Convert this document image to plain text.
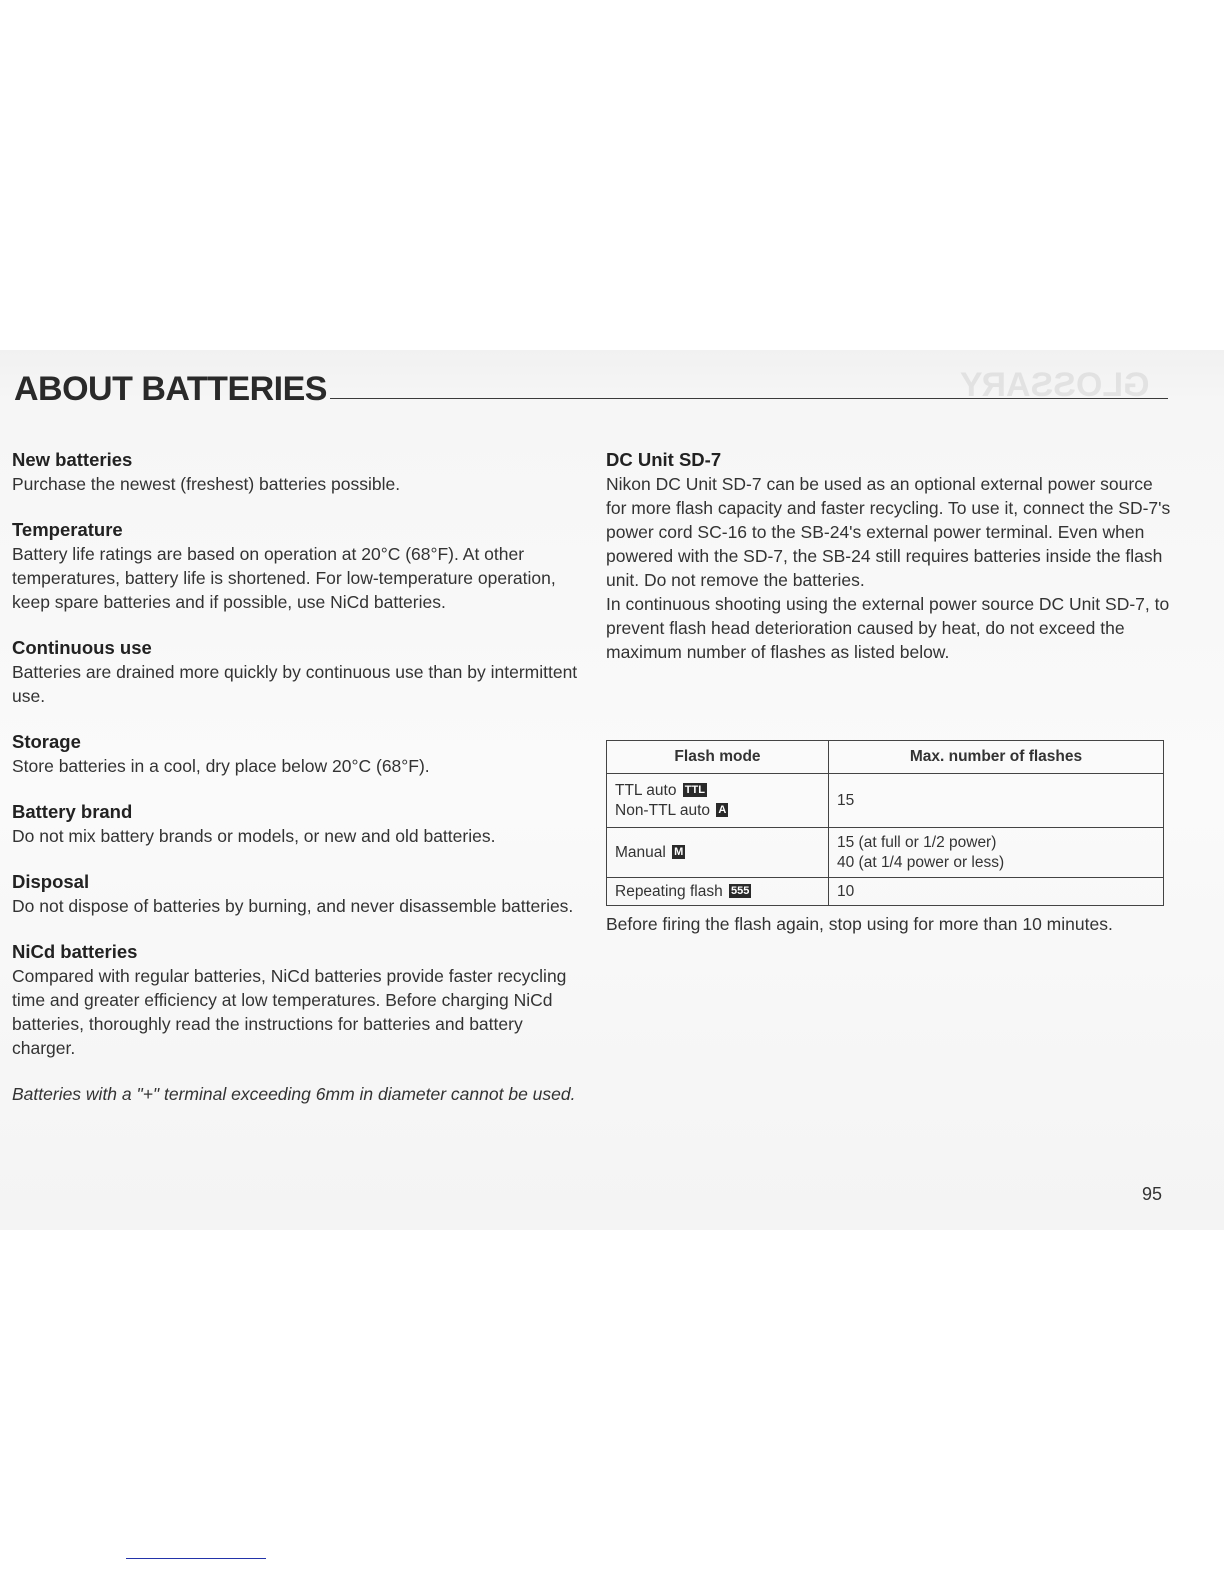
GLOSSARY
ABOUT BATTERIES
New batteries

Purchase the newest (freshest) batteries possible.

Temperature

Battery life ratings are based on operation at 20°C (68°F). At other temperatures, battery life is shortened. For low-temperature operation, keep spare batteries and if possible, use NiCd batteries.

Continuous use

Batteries are drained more quickly by continuous use than by intermittent use.

Storage

Store batteries in a cool, dry place below 20°C (68°F).

Battery brand

Do not mix battery brands or models, or new and old batteries.

Disposal

Do not dispose of batteries by burning, and never disassemble batteries.

NiCd batteries

Compared with regular batteries, NiCd batteries provide faster recycling time and greater efficiency at low temperatures. Before charging NiCd batteries, thoroughly read the instructions for batteries and battery charger.

Batteries with a "+" terminal exceeding 6mm in diameter cannot be used.
DC Unit SD-7

Nikon DC Unit SD-7 can be used as an optional external power source for more flash capacity and faster recycling. To use it, connect the SD-7's power cord SC-16 to the SB-24's external power terminal. Even when powered with the SD-7, the SB-24 still requires batteries inside the flash unit. Do not remove the batteries.

In continuous shooting using the external power source DC Unit SD-7, to prevent flash head deterioration caused by heat, do not exceed the maximum number of flashes as listed below.

Flash mode	Max. number of flashes

TTL auto TTL
Non-TTL auto A	15

Manual M	15 (at full or 1/2 power)
40 (at 1/4 power or less)

Repeating flash 555	10
Before firing the flash again, stop using for more than 10 minutes.
95
